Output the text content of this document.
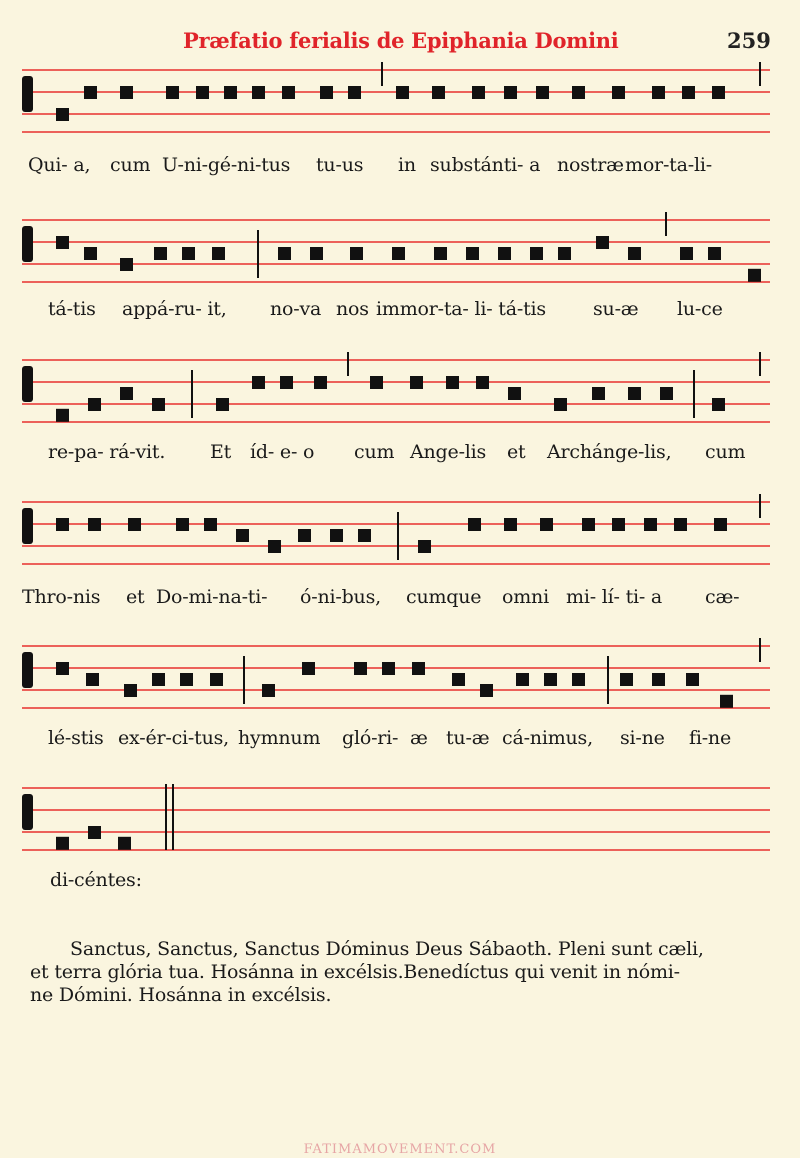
Præfatio ferialis de Epiphania Domini	259
Qui- a, cum U-ni-gé-ni-tus tu-us in substánti- a nostræ mor-ta-li-
tá-tis appá-ru- it, no-va nos immor-ta- li- tá-tis su-æ lu-ce
re-pa- rá-vit. Et íd- e- o cum Ange-lis et Archánge-lis, cum
Thro-nis et Do-mi-na-ti- ó-ni-bus, cumque omni mi- lí- ti- a cæ-
lé-stis ex-ér-ci-tus, hymnum gló-ri- æ tu-æ cá-nimus, si-ne fi-ne
di-céntes:
Sanctus, Sanctus, Sanctus Dóminus Deus Sábaoth. Pleni sunt cæli,
et terra glória tua. Hosánna in excélsis.Benedíctus qui venit in nómi-
ne Dómini. Hosánna in excélsis.
FATIMAMOVEMENT.COM
